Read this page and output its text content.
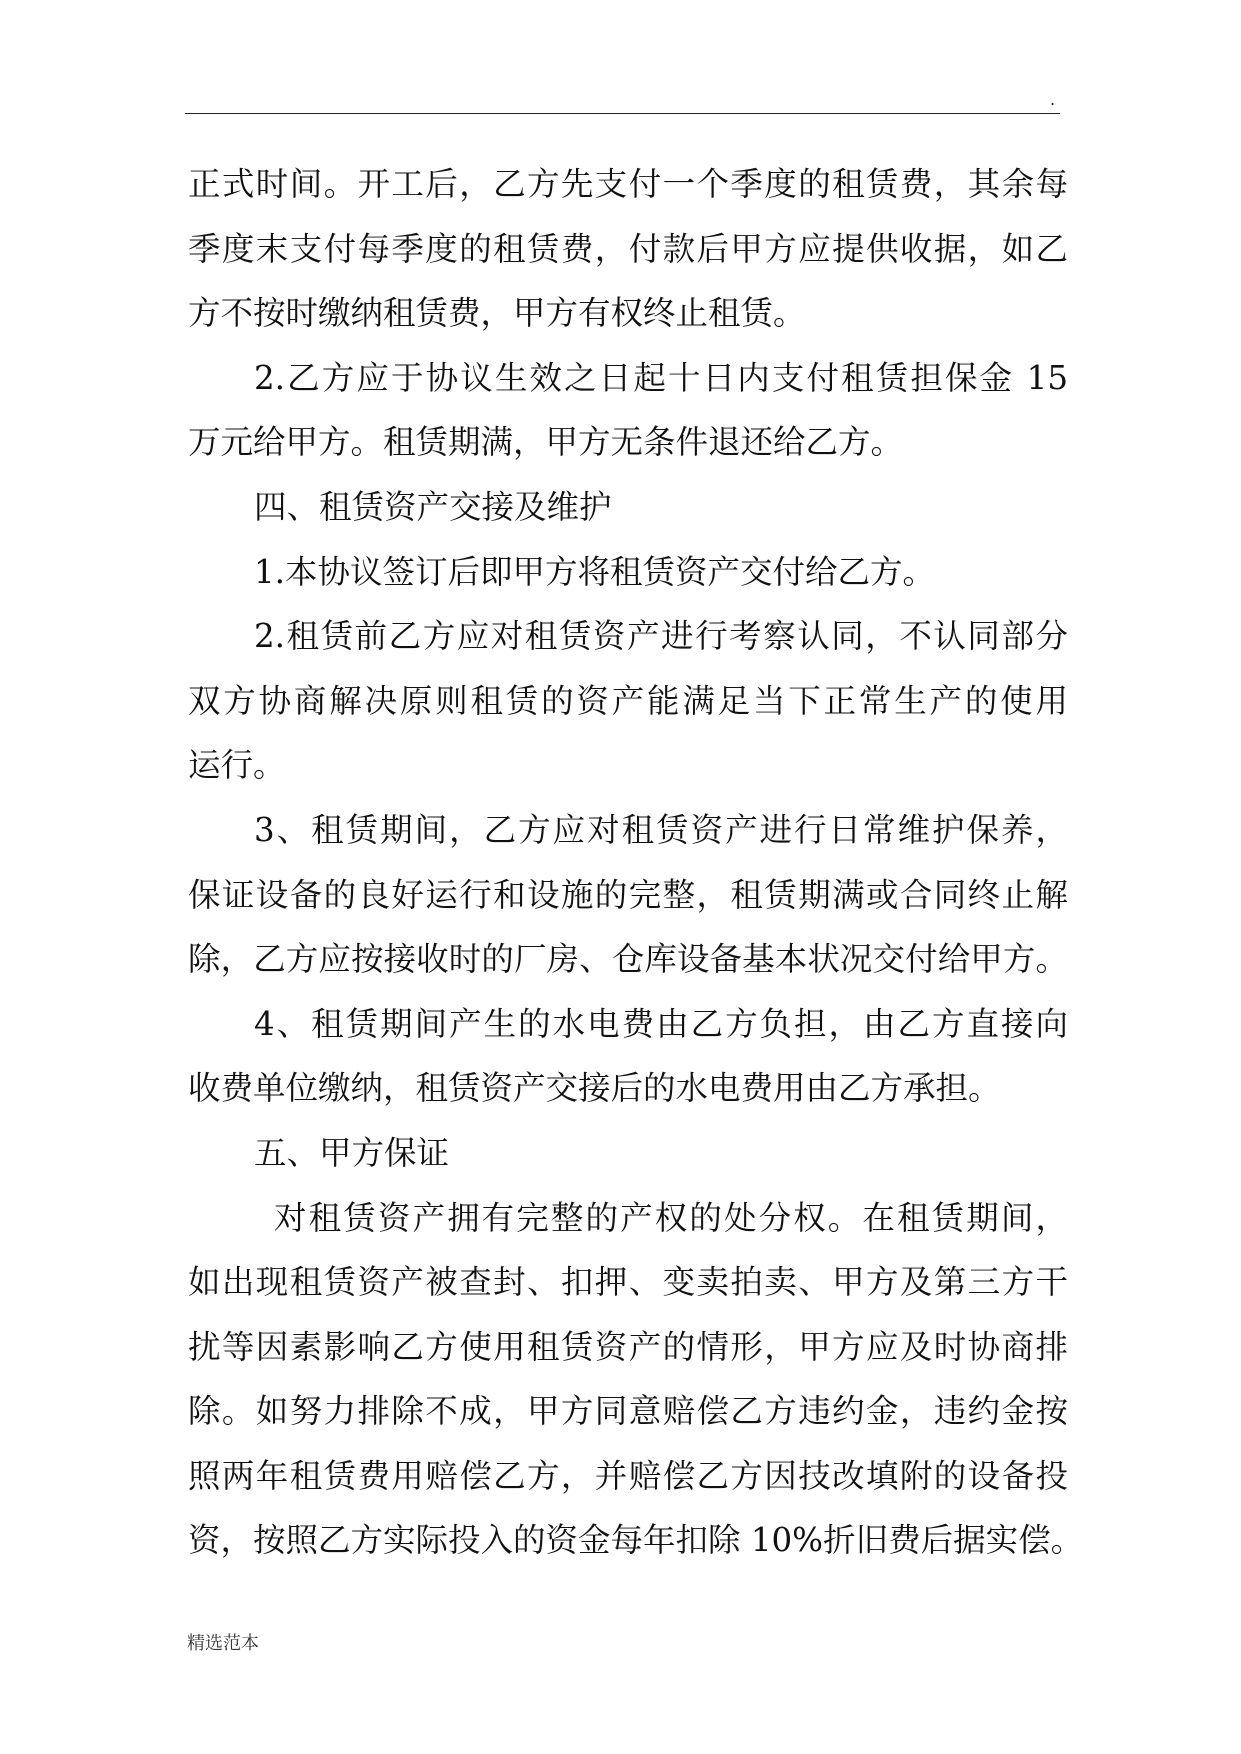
.
正式时间。开工后，乙方先支付一个季度的租赁费，其余每
季度末支付每季度的租赁费，付款后甲方应提供收据，如乙
方不按时缴纳租赁费，甲方有权终止租赁。
2.乙方应于协议生效之日起十日内支付租赁担保金 15
万元给甲方。租赁期满，甲方无条件退还给乙方。
四、租赁资产交接及维护
1.本协议签订后即甲方将租赁资产交付给乙方。
2.租赁前乙方应对租赁资产进行考察认同，不认同部分
双方协商解决原则租赁的资产能满足当下正常生产的使用
运行。
3、租赁期间，乙方应对租赁资产进行日常维护保养，
保证设备的良好运行和设施的完整，租赁期满或合同终止解
除，乙方应按接收时的厂房、仓库设备基本状况交付给甲方。
4、租赁期间产生的水电费由乙方负担，由乙方直接向
收费单位缴纳，租赁资产交接后的水电费用由乙方承担。
五、甲方保证
对租赁资产拥有完整的产权的处分权。在租赁期间，
如出现租赁资产被查封、扣押、变卖拍卖、甲方及第三方干
扰等因素影响乙方使用租赁资产的情形，甲方应及时协商排
除。如努力排除不成，甲方同意赔偿乙方违约金，违约金按
照两年租赁费用赔偿乙方，并赔偿乙方因技改填附的设备投
资，按照乙方实际投入的资金每年扣除 10%折旧费后据实偿。
精选范本
